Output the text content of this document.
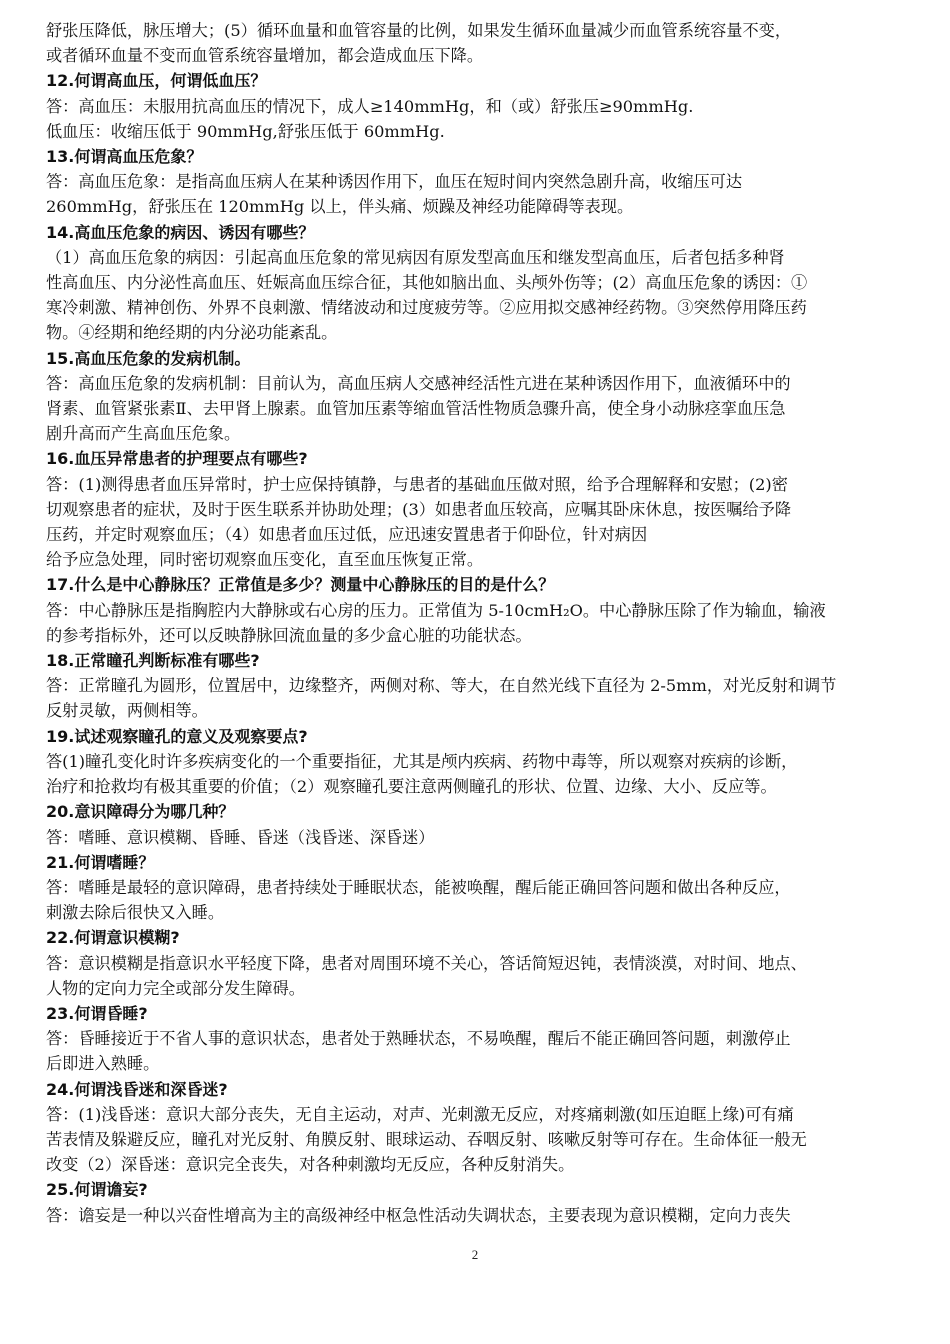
舒张压降低，脉压增大；(5）循环血量和血管容量的比例，如果发生循环血量减少而血管系统容量不变，
或者循环血量不变而血管系统容量增加，都会造成血压下降。
12.何谓高血压，何谓低血压？
答：高血压：未服用抗高血压的情况下，成人≥140mmHg，和（或）舒张压≥90mmHg.
低血压：收缩压低于 90mmHg,舒张压低于 60mmHg.
13.何谓高血压危象？
答：高血压危象：是指高血压病人在某种诱因作用下，血压在短时间内突然急剧升高，收缩压可达
260mmHg，舒张压在 120mmHg 以上，伴头痛、烦躁及神经功能障碍等表现。
14.高血压危象的病因、诱因有哪些？
（1）高血压危象的病因：引起高血压危象的常见病因有原发型高血压和继发型高血压，后者包括多种肾
性高血压、内分泌性高血压、妊娠高血压综合征，其他如脑出血、头颅外伤等；(2）高血压危象的诱因：①
寒冷刺激、精神创伤、外界不良刺激、情绪波动和过度疲劳等。②应用拟交感神经药物。③突然停用降压药
物。④经期和绝经期的内分泌功能紊乱。
15.高血压危象的发病机制。
答：高血压危象的发病机制：目前认为，高血压病人交感神经活性亢进在某种诱因作用下，血液循环中的
肾素、血管紧张素Ⅱ、去甲肾上腺素。血管加压素等缩血管活性物质急骤升高，使全身小动脉痉挛血压急
剧升高而产生高血压危象。
16.血压异常患者的护理要点有哪些?
答：(1)测得患者血压异常时，护士应保持镇静，与患者的基础血压做对照，给予合理解释和安慰；(2)密
切观察患者的症状，及时于医生联系并协助处理；(3）如患者血压较高，应嘱其卧床休息，按医嘱给予降
压药，并定时观察血压；（4）如患者血压过低，应迅速安置患者于仰卧位，针对病因
给予应急处理，同时密切观察血压变化，直至血压恢复正常。
17.什么是中心静脉压？正常值是多少？测量中心静脉压的目的是什么？
答：中心静脉压是指胸腔内大静脉或右心房的压力。正常值为 5-10cmH₂O。中心静脉压除了作为输血，输液
的参考指标外，还可以反映静脉回流血量的多少盒心脏的功能状态。
18.正常瞳孔判断标准有哪些?
答：正常瞳孔为圆形，位置居中，边缘整齐，两侧对称、等大，在自然光线下直径为 2-5mm，对光反射和调节
反射灵敏，两侧相等。
19.试述观察瞳孔的意义及观察要点?
答(1)瞳孔变化时许多疾病变化的一个重要指征，尤其是颅内疾病、药物中毒等，所以观察对疾病的诊断，
治疗和抢救均有极其重要的价值；（2）观察瞳孔要注意两侧瞳孔的形状、位置、边缘、大小、反应等。
20.意识障碍分为哪几种？
答：嗜睡、意识模糊、昏睡、昏迷（浅昏迷、深昏迷）
21.何谓嗜睡？
答：嗜睡是最轻的意识障碍，患者持续处于睡眠状态，能被唤醒，醒后能正确回答问题和做出各种反应，
刺激去除后很快又入睡。
22.何谓意识模糊?
答：意识模糊是指意识水平轻度下降，患者对周围环境不关心，答话简短迟钝，表情淡漠，对时间、地点、
人物的定向力完全或部分发生障碍。
23.何谓昏睡?
答：昏睡接近于不省人事的意识状态，患者处于熟睡状态，不易唤醒，醒后不能正确回答问题，刺激停止
后即进入熟睡。
24.何谓浅昏迷和深昏迷?
答：(1)浅昏迷：意识大部分丧失，无自主运动，对声、光刺激无反应，对疼痛刺激(如压迫眶上缘)可有痛
苦表情及躲避反应，瞳孔对光反射、角膜反射、眼球运动、吞咽反射、咳嗽反射等可存在。生命体征一般无
改变（2）深昏迷：意识完全丧失，对各种刺激均无反应，各种反射消失。
25.何谓谵妄?
答：谵妄是一种以兴奋性增高为主的高级神经中枢急性活动失调状态，主要表现为意识模糊，定向力丧失
2
